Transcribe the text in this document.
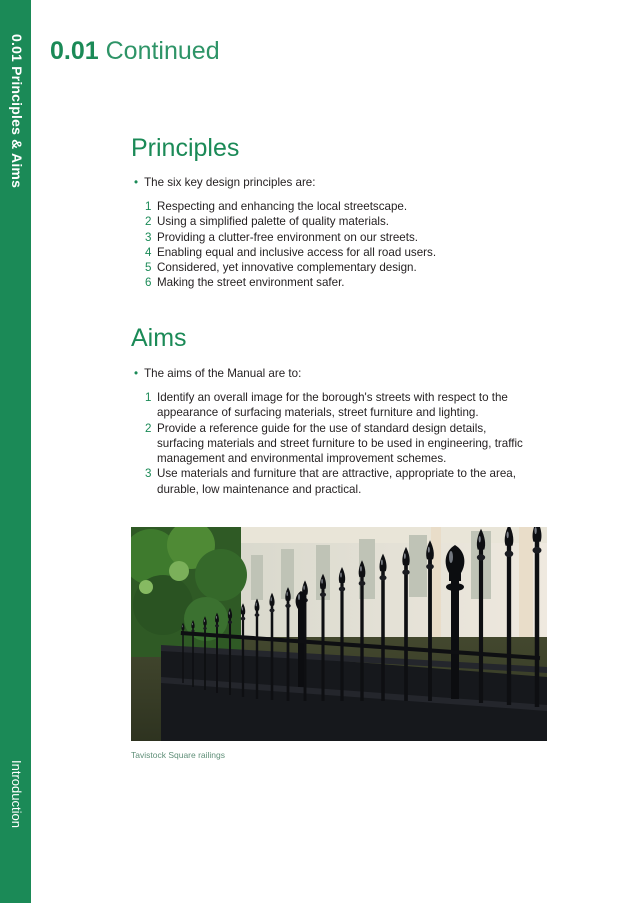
0.01 Principles & Aims
Introduction
0.01 Continued
Principles
• The six key design principles are:
1 Respecting and enhancing the local streetscape.
2 Using a simplified palette of quality materials.
3 Providing a clutter-free environment on our streets.
4 Enabling equal and inclusive access for all road users.
5 Considered, yet innovative complementary design.
6 Making the street environment safer.
Aims
• The aims of the Manual are to:
1 Identify an overall image for the borough's streets with respect to the
appearance of surfacing materials, street furniture and lighting.
2 Provide a reference guide for the use of standard design details,
surfacing materials and street furniture to be used in engineering, traffic
management and environmental improvement schemes.
3 Use materials and furniture that are attractive, appropriate to the area,
durable, low maintenance and practical.
Tavistock Square railings
